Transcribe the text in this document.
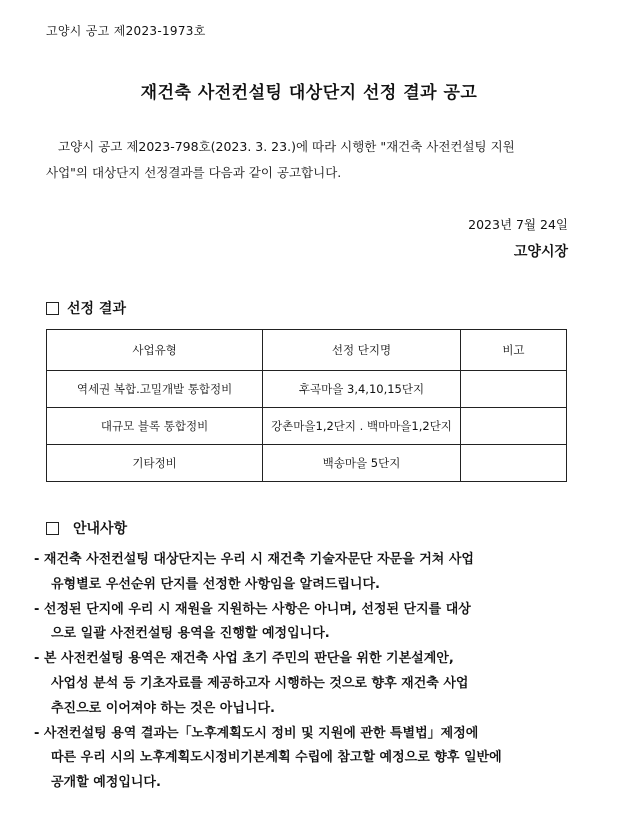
고양시 공고 제2023-1973호
재건축 사전컨설팅 대상단지 선정 결과 공고
고양시 공고 제2023-798호(2023. 3. 23.)에 따라 시행한 "재건축 사전컨설팅 지원
사업"의 대상단지 선정결과를 다음과 같이 공고합니다.
2023년 7월 24일
고양시장
선정 결과
사업유형	선정 단지명	비고
역세권 복합.고밀개발 통합정비	후곡마을 3,4,10,15단지	
대규모 블록 통합정비	강촌마을1,2단지 . 백마마을1,2단지	
기타정비	백송마을 5단지	
안내사항
- 재건축 사전컨설팅 대상단지는 우리 시 재건축 기술자문단 자문을 거쳐 사업
유형별로 우선순위 단지를 선정한 사항임을 알려드립니다.
- 선정된 단지에 우리 시 재원을 지원하는 사항은 아니며, 선정된 단지를 대상
으로 일괄 사전컨설팅 용역을 진행할 예정입니다.
- 본 사전컨설팅 용역은 재건축 사업 초기 주민의 판단을 위한 기본설계안,
사업성 분석 등 기초자료를 제공하고자 시행하는 것으로 향후 재건축 사업
추진으로 이어져야 하는 것은 아닙니다.
- 사전컨설팅 용역 결과는「노후계획도시 정비 및 지원에 관한 특별법」제정에
따른 우리 시의 노후계획도시정비기본계획 수립에 참고할 예정으로 향후 일반에
공개할 예정입니다.
